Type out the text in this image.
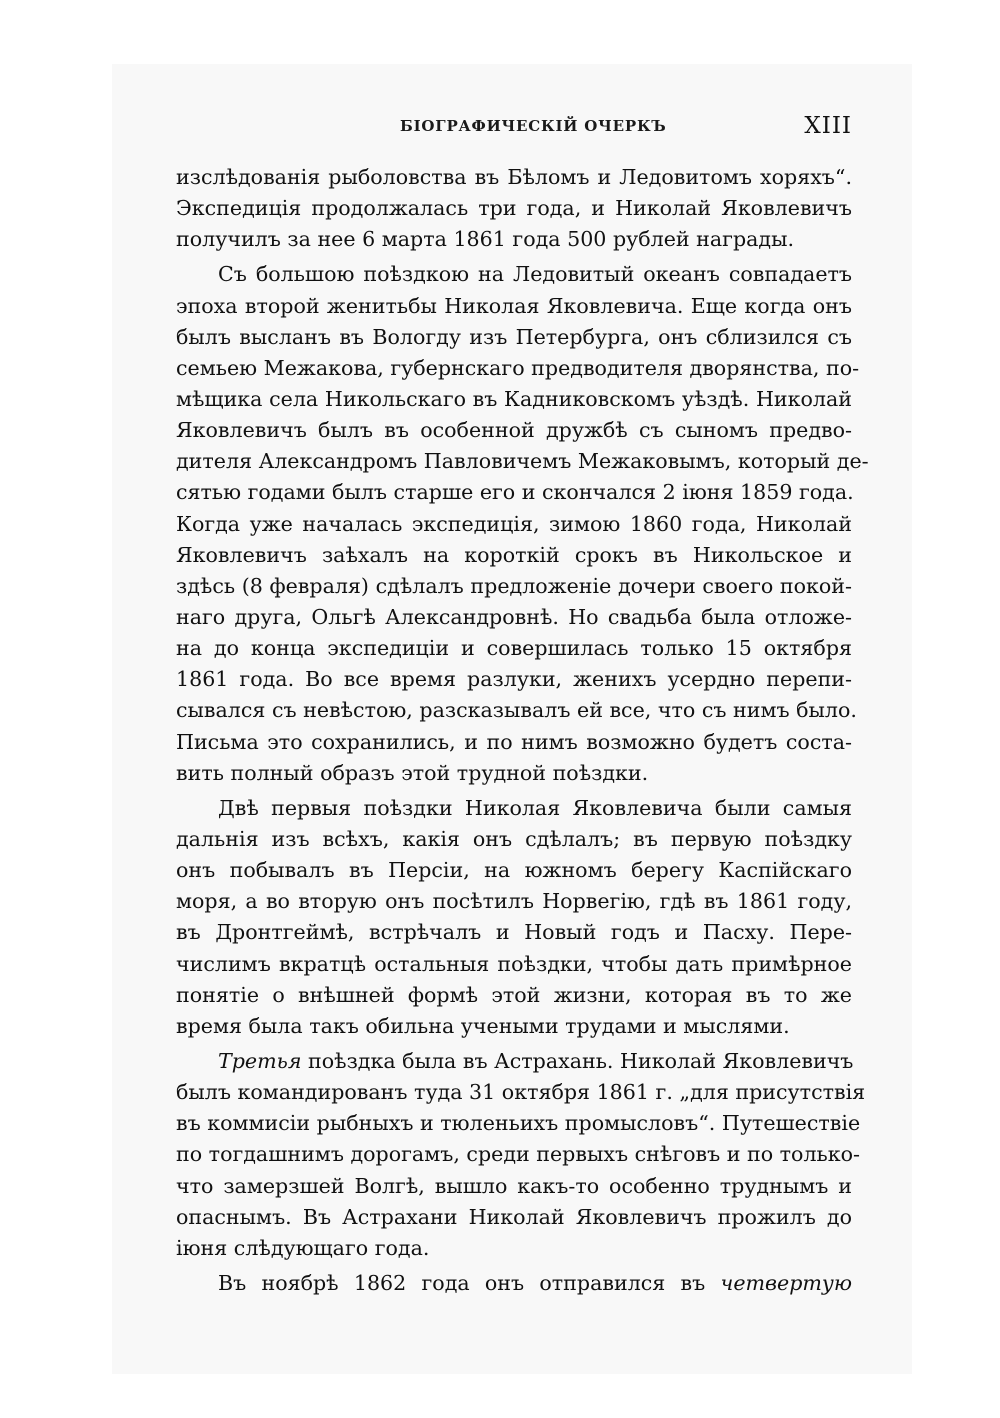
БІОГРАФИЧЕСКІЙ ОЧЕРКЪ	XIII
изслѣдованія рыболовства въ Бѣломъ и Ледовитомъ хоряхъ“.
Экспедиція продолжалась три года, и Николай Яковлевичъ
получилъ за нее 6 марта 1861 года 500 рублей награды.
Съ большою поѣздкою на Ледовитый океанъ совпадаетъ
эпоха второй женитьбы Николая Яковлевича. Еще когда онъ
былъ высланъ въ Вологду изъ Петербурга, онъ сблизился съ
семьею Межакова, губернскаго предводителя дворянства, по-
мѣщика села Никольскаго въ Кадниковскомъ уѣздѣ. Николай
Яковлевичъ былъ въ особенной дружбѣ съ сыномъ предво-
дителя Александромъ Павловичемъ Межаковымъ, который де-
сятью годами былъ старше его и скончался 2 іюня 1859 года.
Когда уже началась экспедиція, зимою 1860 года, Николай
Яковлевичъ заѣхалъ на короткій срокъ въ Никольское и
здѣсь (8 февраля) сдѣлалъ предложеніе дочери своего покой-
наго друга, Ольгѣ Александровнѣ. Но свадьба была отложе-
на до конца экспедиціи и совершилась только 15 октября
1861 года. Во все время разлуки, женихъ усердно перепи-
сывался съ невѣстою, разсказывалъ ей все, что съ нимъ было.
Письма это сохранились, и по нимъ возможно будетъ соста-
вить полный образъ этой трудной поѣздки.
Двѣ первыя поѣздки Николая Яковлевича были самыя
дальнія изъ всѣхъ, какія онъ сдѣлалъ; въ первую поѣздку
онъ побывалъ въ Персіи, на южномъ берегу Каспійскаго
моря, а во вторую онъ посѣтилъ Норвегію, гдѣ въ 1861 году,
въ Дронтгеймѣ, встрѣчалъ и Новый годъ и Пасху. Пере-
числимъ вкратцѣ остальныя поѣздки, чтобы дать примѣрное
понятіе о внѣшней формѣ этой жизни, которая въ то же
время была такъ обильна учеными трудами и мыслями.
Третья поѣздка была въ Астрахань. Николай Яковлевичъ
былъ командированъ туда 31 октября 1861 г. „для присутствія
въ коммисіи рыбныхъ и тюленьихъ промысловъ“. Путешествіе
по тогдашнимъ дорогамъ, среди первыхъ снѣговъ и по только-
что замерзшей Волгѣ, вышло какъ-то особенно труднымъ и
опаснымъ. Въ Астрахани Николай Яковлевичъ прожилъ до
іюня слѣдующаго года.
Въ ноябрѣ 1862 года онъ отправился въ четвертую
